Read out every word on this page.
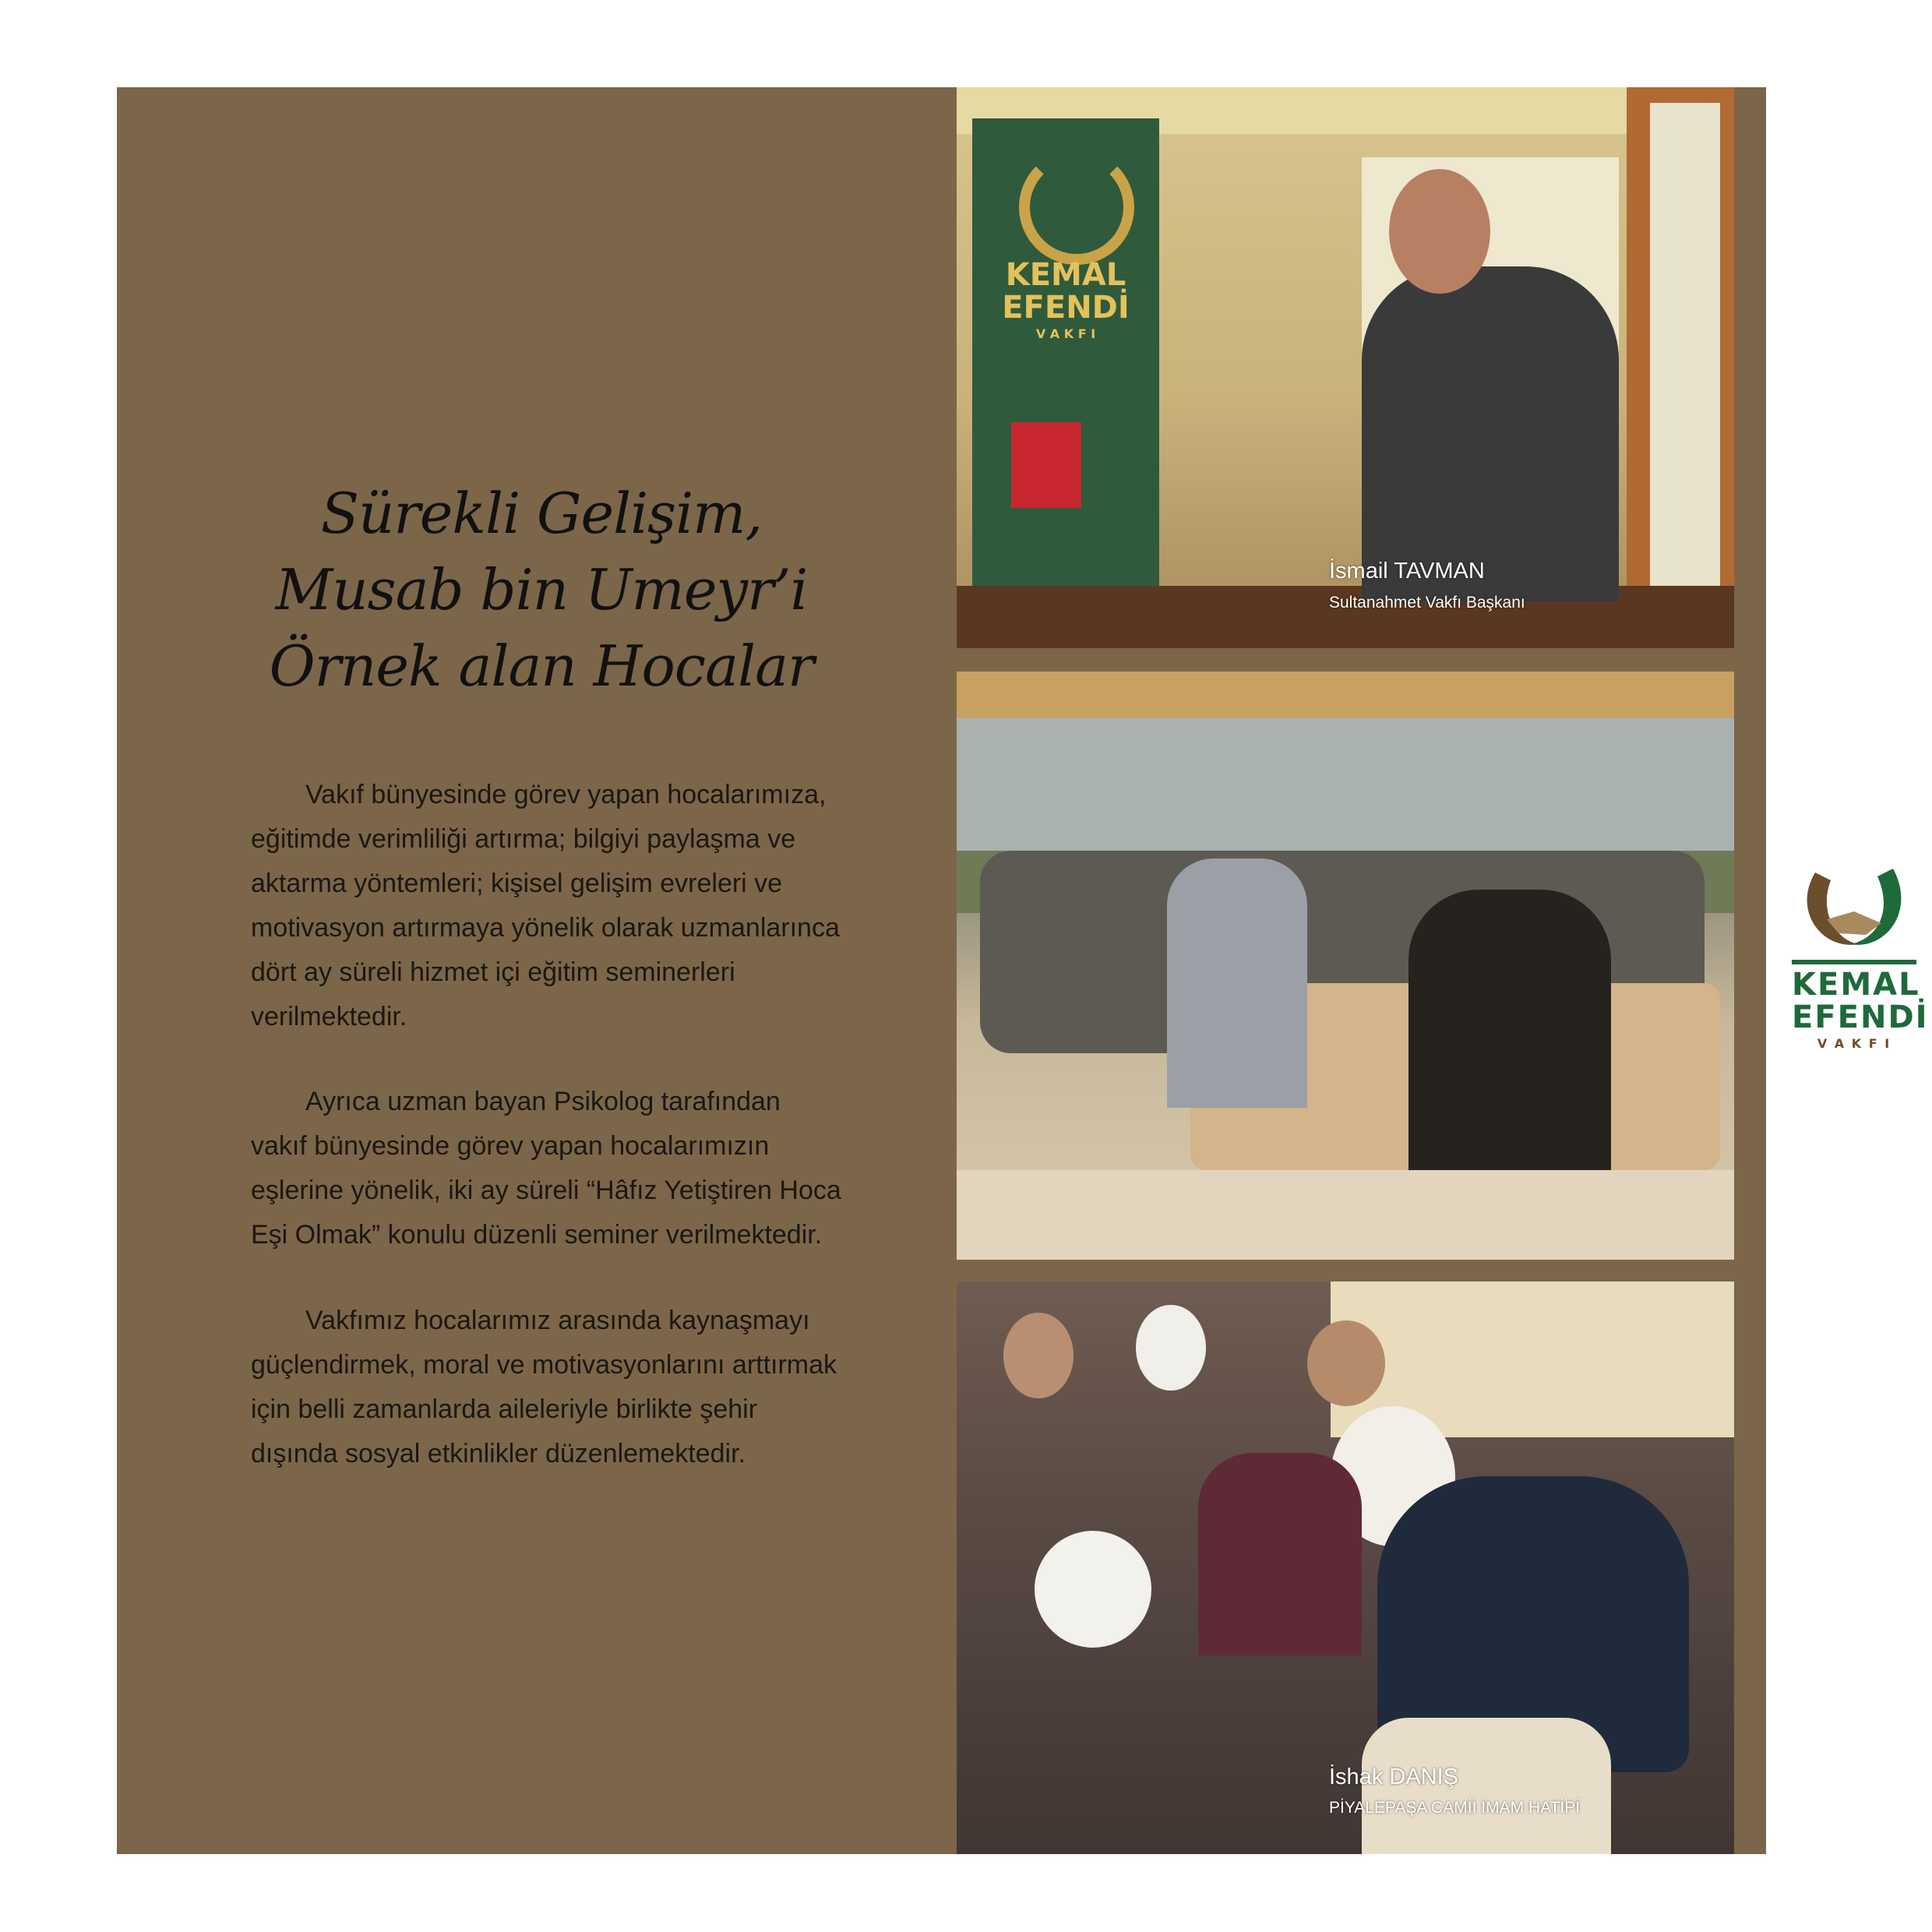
Sürekli Gelişim,
Musab bin Umeyr’i
Örnek alan Hocalar

Vakıf bünyesinde görev yapan hocalarımıza, eğitimde verimliliği artırma; bilgiyi paylaşma ve aktarma yöntemleri; kişisel gelişim evreleri ve motivasyon artırmaya yönelik olarak uzmanlarınca dört ay süreli hizmet içi eğitim seminerleri verilmektedir.

Ayrıca uzman bayan Psikolog tarafından vakıf bünyesinde görev yapan hocalarımızın eşlerine yönelik, iki ay süreli “Hâfız Yetiştiren Hoca Eşi Olmak” konulu düzenli seminer verilmektedir.

Vakfımız hocalarımız arasında kaynaşmayı güçlendirmek, moral ve motivasyonlarını arttırmak için belli zamanlarda aileleriyle birlikte şehir dışında sosyal etkinlikler düzenlemektedir.

KEMAL
EFENDİ
V A K F I
İsmail TAVMAN
Sultanahmet Vakfı Başkanı
İshak DANIŞ
PİYALEPAŞA CAMİİ İMAM HATİPİ
KEMAL
EFENDİ
V A K F I
